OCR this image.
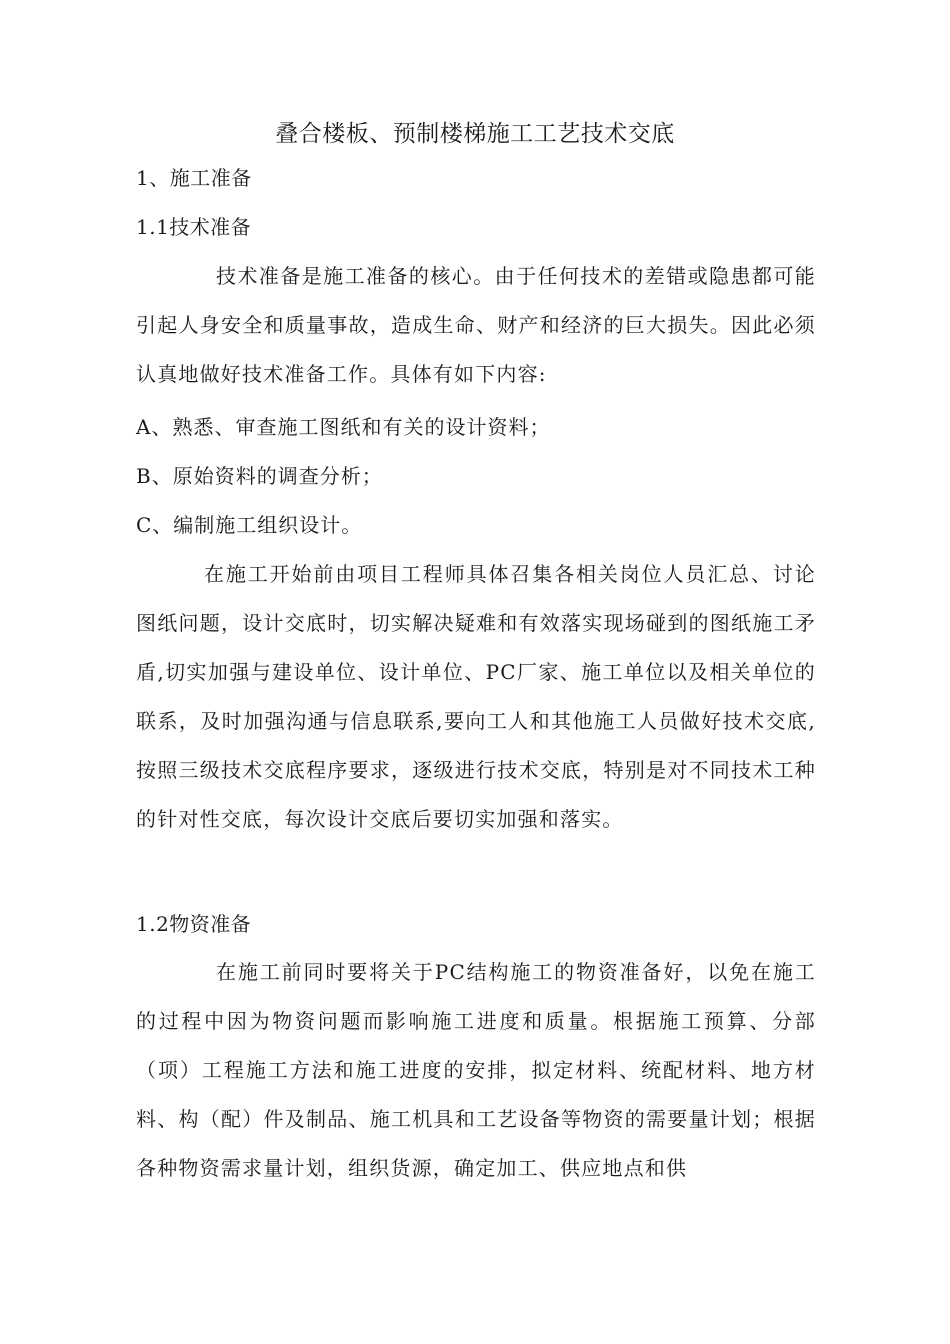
叠合楼板、预制楼梯施工工艺技术交底
1、施工准备
1.1技术准备
技术准备是施工准备的核心。由于任何技术的差错或隐患都可能引起人身安全和质量事故，造成生命、财产和经济的巨大损失。因此必须认真地做好技术准备工作。具体有如下内容:
A、熟悉、审查施工图纸和有关的设计资料；
B、原始资料的调查分析；
C、编制施工组织设计。
在施工开始前由项目工程师具体召集各相关岗位人员汇总、讨论图纸问题，设计交底时，切实解决疑难和有效落实现场碰到的图纸施工矛盾,切实加强与建设单位、设计单位、PC厂家、施工单位以及相关单位的联系，及时加强沟通与信息联系,要向工人和其他施工人员做好技术交底,按照三级技术交底程序要求，逐级进行技术交底，特别是对不同技术工种的针对性交底，每次设计交底后要切实加强和落实。
1.2物资准备
在施工前同时要将关于PC结构施工的物资准备好，以免在施工的过程中因为物资问题而影响施工进度和质量。根据施工预算、分部（项）工程施工方法和施工进度的安排，拟定材料、统配材料、地方材料、构（配）件及制品、施工机具和工艺设备等物资的需要量计划；根据各种物资需求量计划，组织货源，确定加工、供应地点和供
